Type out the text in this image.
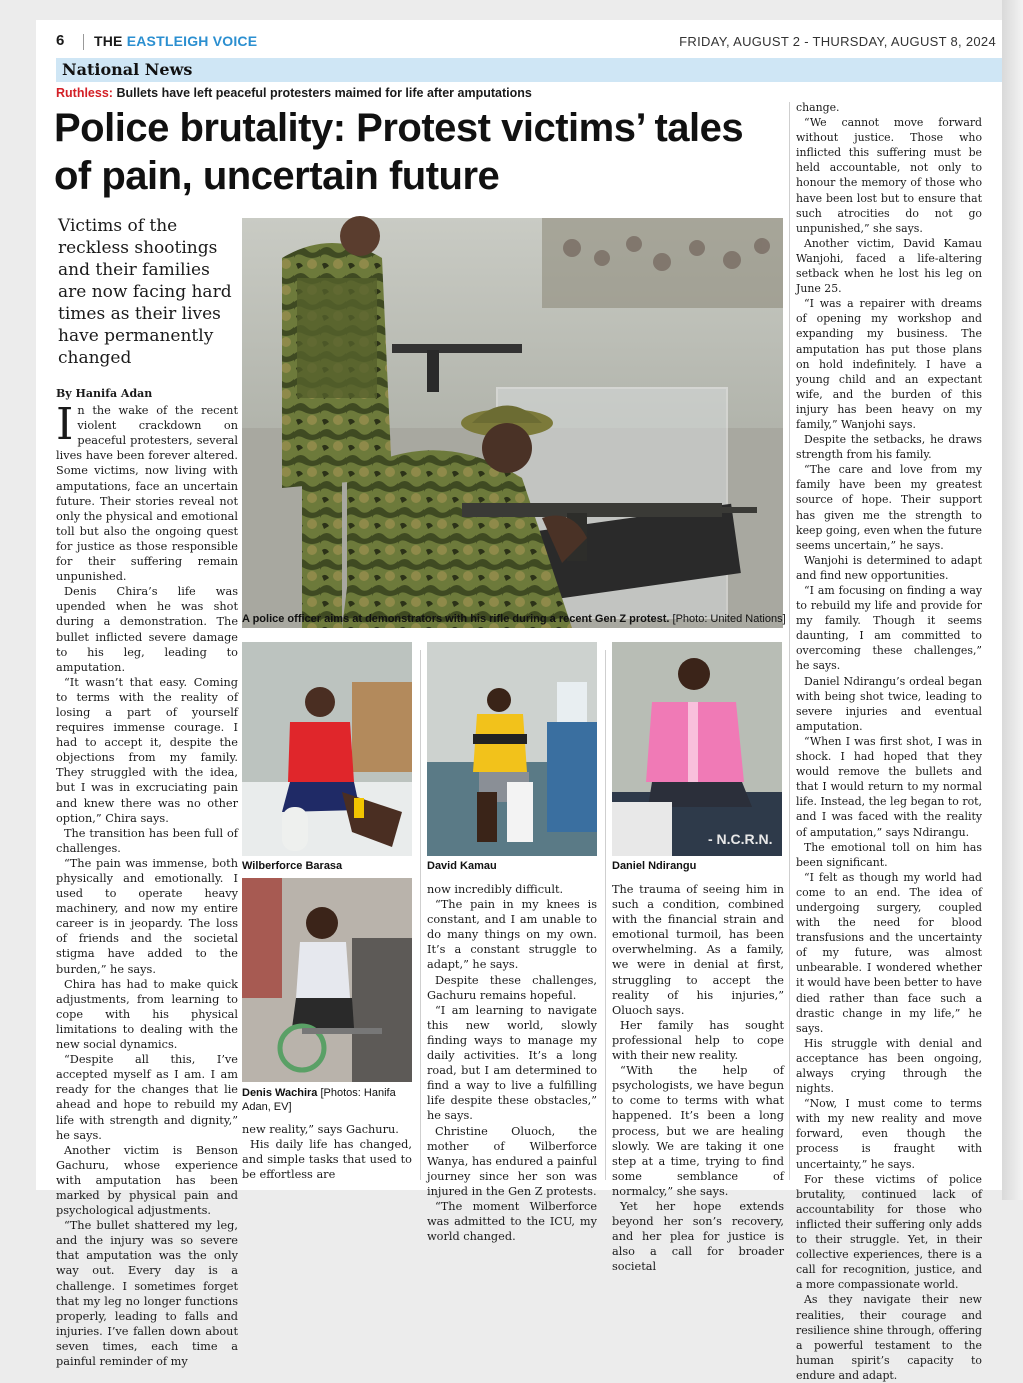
6 THE EASTLEIGH VOICE	FRIDAY, AUGUST 2 - THURSDAY, AUGUST 8, 2024
National News
Ruthless: Bullets have left peaceful protesters maimed for life after amputations
Police brutality: Protest victims’ tales of pain, uncertain future
Victims of the reckless shootings and their families are now facing hard times as their lives have permanently changed
By Hanifa Adan

In the wake of the recent violent crackdown on peaceful protesters, several lives have been forever altered. Some victims, now living with amputations, face an uncertain future. Their stories reveal not only the physical and emotional toll but also the ongoing quest for justice as those responsible for their suffering remain unpunished.

Denis Chira’s life was upended when he was shot during a demonstration. The bullet inflicted severe damage to his leg, leading to amputation.

“It wasn’t that easy. Coming to terms with the reality of losing a part of yourself requires immense courage. I had to accept it, despite the objections from my family. They struggled with the idea, but I was in excruciating pain and knew there was no other option,” Chira says.

The transition has been full of challenges.

“The pain was immense, both physically and emotionally. I used to operate heavy machinery, and now my entire career is in jeopardy. The loss of friends and the societal stigma have added to the burden,” he says.

Chira has had to make quick adjustments, from learning to cope with his physical limitations to dealing with the new social dynamics.

“Despite all this, I’ve accepted myself as I am. I am ready for the changes that lie ahead and hope to rebuild my life with strength and dignity,” he says.

Another victim is Benson Gachuru, whose experience with amputation has been marked by physical pain and psychological adjustments.

“The bullet shattered my leg, and the injury was so severe that amputation was the only way out. Every day is a challenge. I sometimes forget that my leg no longer functions properly, leading to falls and injuries. I’ve fallen down about seven times, each time a painful reminder of my

A police officer aims at demonstrators with his rifle during a recent Gen Z protest. [Photo: United Nations]
Wilberforce Barasa	David Kamau
- N.C.R.N.
Daniel Ndirangu
Denis Wachira [Photos: Hanifa Adan, EV]

new reality,” says Gachuru.

His daily life has changed, and simple tasks that used to be effortless are

now incredibly difficult.

“The pain in my knees is constant, and I am unable to do many things on my own. It’s a constant struggle to adapt,” he says.

Despite these challenges, Gachuru remains hopeful.

“I am learning to navigate this new world, slowly finding ways to manage my daily activities. It’s a long road, but I am determined to find a way to live a fulfilling life despite these obstacles,” he says.

Christine Oluoch, the mother of Wilberforce Wanya, has endured a painful journey since her son was injured in the Gen Z protests.

“The moment Wilberforce was admitted to the ICU, my world changed.

The trauma of seeing him in such a condition, combined with the financial strain and emotional turmoil, has been overwhelming. As a family, we were in denial at first, struggling to accept the reality of his injuries,” Oluoch says.

Her family has sought professional help to cope with their new reality.

“With the help of psychologists, we have begun to come to terms with what happened. It’s been a long process, but we are healing slowly. We are taking it one step at a time, trying to find some semblance of normalcy,” she says.

Yet her hope extends beyond her son’s recovery, and her plea for justice is also a call for broader societal

change.

“We cannot move forward without justice. Those who inflicted this suffering must be held accountable, not only to honour the memory of those who have been lost but to ensure that such atrocities do not go unpunished,” she says.

Another victim, David Kamau Wanjohi, faced a life-altering setback when he lost his leg on June 25.

“I was a repairer with dreams of opening my workshop and expanding my business. The amputation has put those plans on hold indefinitely. I have a young child and an expectant wife, and the burden of this injury has been heavy on my family,” Wanjohi says.

Despite the setbacks, he draws strength from his family.

“The care and love from my family have been my greatest source of hope. Their support has given me the strength to keep going, even when the future seems uncertain,” he says.

Wanjohi is determined to adapt and find new opportunities.

“I am focusing on finding a way to rebuild my life and provide for my family. Though it seems daunting, I am committed to overcoming these challenges,” he says.

Daniel Ndirangu’s ordeal began with being shot twice, leading to severe injuries and eventual amputation.

“When I was first shot, I was in shock. I had hoped that they would remove the bullets and that I would return to my normal life. Instead, the leg began to rot, and I was faced with the reality of amputation,” says Ndirangu.

The emotional toll on him has been significant.

“I felt as though my world had come to an end. The idea of undergoing surgery, coupled with the need for blood transfusions and the uncertainty of my future, was almost unbearable. I wondered whether it would have been better to have died rather than face such a drastic change in my life,” he says.

His struggle with denial and acceptance has been ongoing, always crying through the nights.

“Now, I must come to terms with my new reality and move forward, even though the process is fraught with uncertainty,” he says.

For these victims of police brutality, continued lack of accountability for those who inflicted their suffering only adds to their struggle. Yet, in their collective experiences, there is a call for recognition, justice, and a more compassionate world.

As they navigate their new realities, their courage and resilience shine through, offering a powerful testament to the human spirit’s capacity to endure and adapt.
